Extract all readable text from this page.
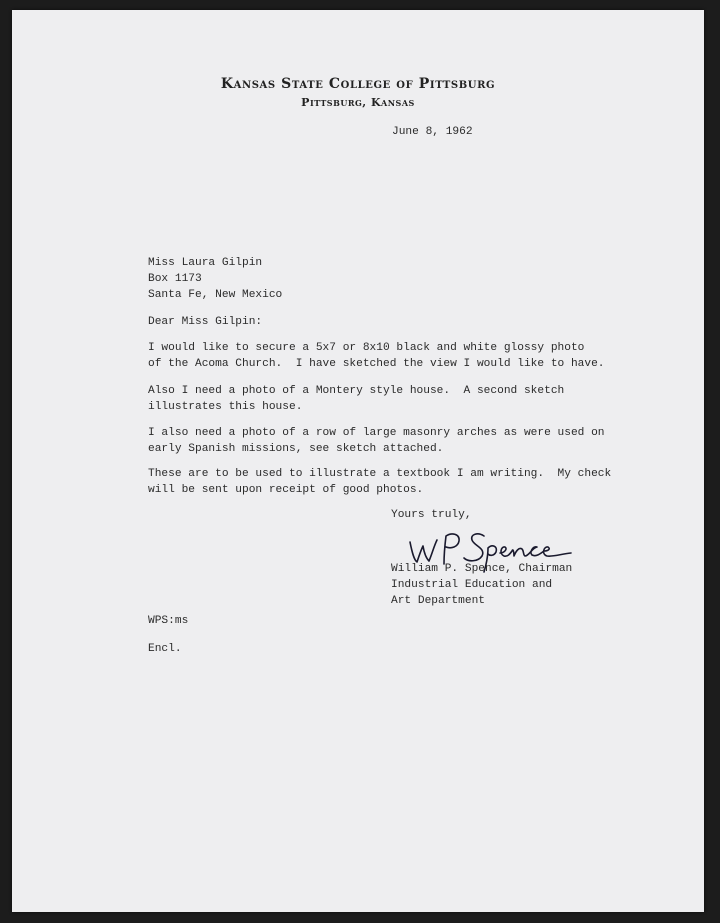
Kansas State College of Pittsburg
Pittsburg, Kansas
June 8, 1962
Miss Laura Gilpin
Box 1173
Santa Fe, New Mexico
Dear Miss Gilpin:
I would like to secure a 5x7 or 8x10 black and white glossy photo
of the Acoma Church.  I have sketched the view I would like to have.
Also I need a photo of a Montery style house.  A second sketch
illustrates this house.
I also need a photo of a row of large masonry arches as were used on
early Spanish missions, see sketch attached.
These are to be used to illustrate a textbook I am writing.  My check
will be sent upon receipt of good photos.
Yours truly,
William P. Spence, Chairman
Industrial Education and
Art Department
WPS:ms
Encl.
